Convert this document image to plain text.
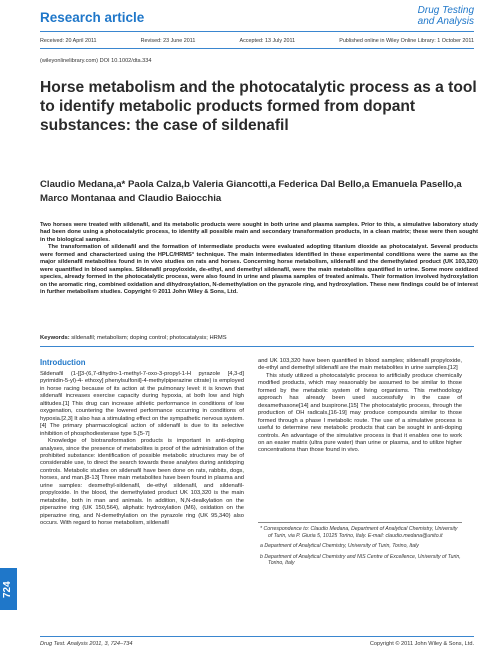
Research article	Drug Testing
and Analysis
Received: 20 April 2011	Revised: 23 June 2011	Accepted: 13 July 2011	Published online in Wiley Online Library: 1 October 2011
(wileyonlinelibrary.com) DOI 10.1002/dta.334
Horse metabolism and the photocatalytic process as a tool to identify metabolic products formed from dopant substances: the case of sildenafil

Claudio Medana,a* Paola Calza,b Valeria Giancotti,a Federica Dal Bello,a Emanuela Pasello,a Marco Montanaa and Claudio Baiocchia

Two horses were treated with sildenafil, and its metabolic products were sought in both urine and plasma samples. Prior to this, a simulative laboratory study had been done using a photocatalytic process, to identify all possible main and secondary transformation products, in a clean matrix; these were then sought in the biological samples.

The transformation of sildenafil and the formation of intermediate products were evaluated adopting titanium dioxide as photocatalyst. Several products were formed and characterized using the HPLC/HRMS° technique. The main intermediates identified in these experimental conditions were the same as the major sildenafil metabolites found in in vivo studies on rats and horses. Concerning horse metabolism, sildenafil and the demethylated product (UK 103,320) were quantified in blood samples. Sildenafil propyloxide, de-ethyl, and demethyl sildenafil, were the main metabolites quantified in urine. Some more oxidized species, already formed in the photocatalytic process, were also found in urine and plasma samples of treated animals. Their formation involved hydroxylation on the aromatic ring, combined oxidation and dihydroxylation, N-demethylation on the pyrazole ring, and hydroxylation. These new findings could be of interest in further metabolism studies. Copyright © 2011 John Wiley & Sons, Ltd.

Keywords: sildenafil; metabolism; doping control; photocatalysis; HRMS
Introduction

Sildenafil (1-[[3-(6,7-dihydro-1-methyl-7-oxo-3-propyl-1-H pyrazole [4,3-d] pyrimidin-5-yl)-4- ethoxy] phenylsulfonil]-4-methylpiperazine citrate) is employed in horse racing because of its action at the pulmonary level: it is known that sildenafil increases exercise capacity during hypoxia, at both low and high altitudes.[1] This drug can increase athletic performance in conditions of low oxygenation, countering the lowered performance occurring in conditions of hypoxia.[2,3] It also has a stimulating effect on the sympathetic nervous system.[4] The primary pharmacological action of sildenafil is due to its selective inhibition of phosphodiesterase type 5.[5-7]

Knowledge of biotransformation products is important in anti-doping analyses, since the presence of metabolites is proof of the administration of the prohibited substance: identification of possible metabolic structures may be of considerable use, to direct the search towards these analytes during antidoping controls. Metabolic studies on sildenafil have been done on rats, rabbits, dogs, horses, and man.[8-13] Three main metabolites have been found in plasma and urine samples: desmethyl-sildenafil, de-ethyl sildenafil, and sildenafil-propyloxide. In the blood, the demethylated product UK 103,320 is the main metabolite, both in man and animals. In addition, N,N-dealkylation on the piperazine ring (UK 150,564), aliphatic hydroxylation (M6), oxidation on the piperazine ring, and N-demethylation on the pyrazole ring (UK 95,340) also occurs. With regard to horse metabolism, sildenafil

and UK 103,320 have been quantified in blood samples; sildenafil propyloxide, de-ethyl and demethyl sildenafil are the main metabolites in urine samples.[12]

This study utilized a photocatalytic process to artificially produce chemically modified products, which may reasonably be assumed to be similar to those formed by the metabolic system of living organisms. This methodology approach has already been used successfully in the case of dexamethasone[14] and buspirone.[15] The photocatalytic process, through the production of OH radicals,[16-19] may produce compounds similar to those formed through a phase I metabolic route. The use of a simulative process is useful to determine new metabolic products that can be sought in anti-doping controls. An advantage of the simulative process is that it enables one to work on an easier matrix (ultra pure water) than urine or plasma, and to utilize higher concentrations than those found in vivo.

* Correspondence to: Claudio Medana, Department of Analytical Chemistry, University of Turin, via P. Giuria 5, 10125 Torino, Italy. E-mail: claudio.medana@unito.it

a Department of Analytical Chemistry, University of Turin, Torino, Italy

b Department of Analytical Chemistry and NIS Centre of Excellence, University of Turin, Torino, Italy

724
Drug Test. Analysis 2011, 3, 724–734	Copyright © 2011 John Wiley & Sons, Ltd.
